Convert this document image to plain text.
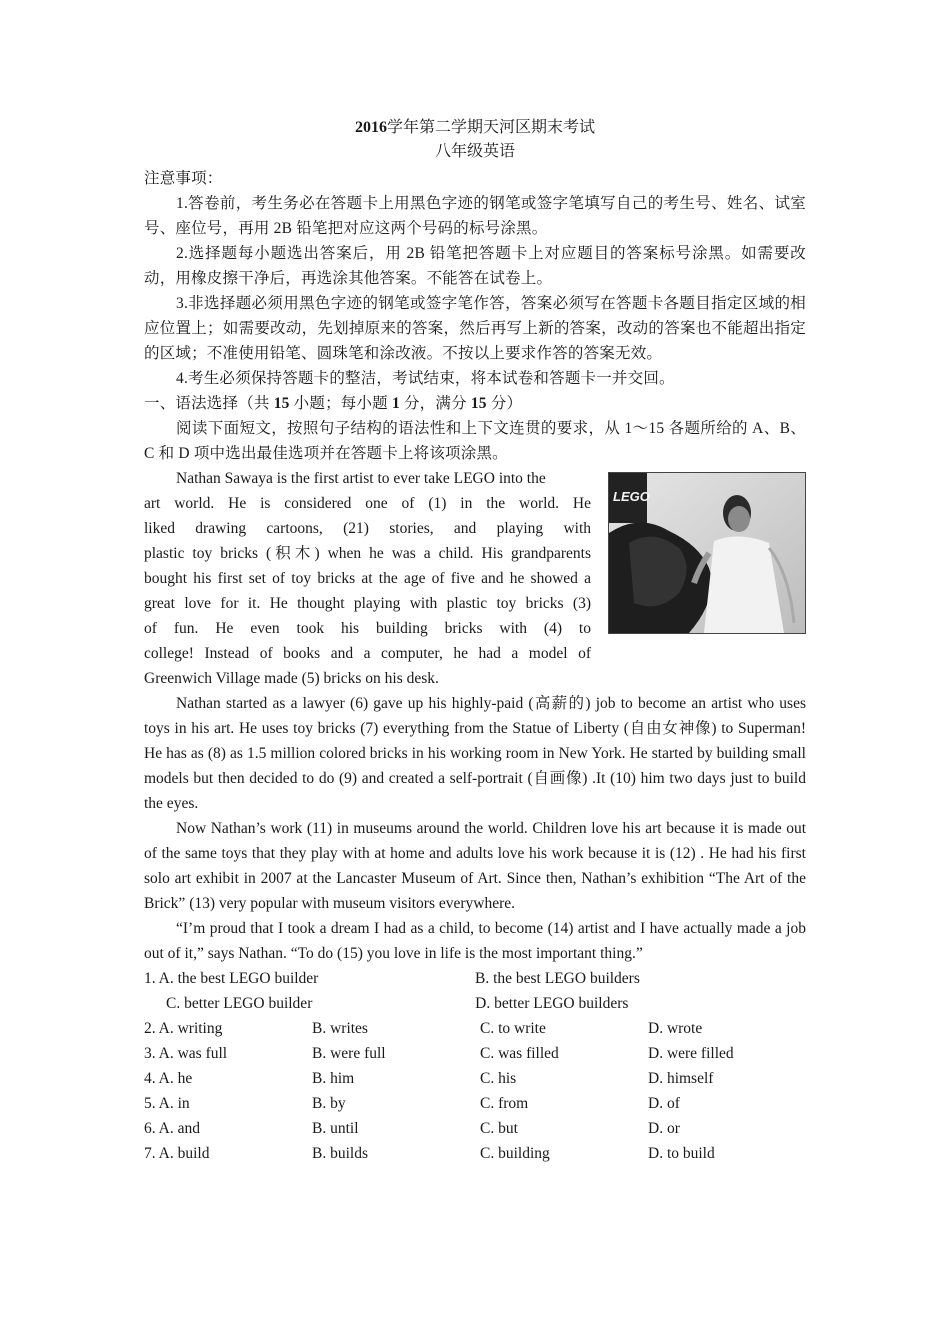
2016学年第二学期天河区期末考试
八年级英语
注意事项：
1.答卷前，考生务必在答题卡上用黑色字迹的钢笔或签字笔填写自己的考生号、姓名、试室号、座位号，再用 2B 铅笔把对应这两个号码的标号涂黑。
2.选择题每小题选出答案后，用 2B 铅笔把答题卡上对应题目的答案标号涂黑。如需要改动，用橡皮擦干净后，再选涂其他答案。不能答在试卷上。
3.非选择题必须用黑色字迹的钢笔或签字笔作答，答案必须写在答题卡各题目指定区域的相应位置上；如需要改动，先划掉原来的答案，然后再写上新的答案，改动的答案也不能超出指定的区域；不准使用铅笔、圆珠笔和涂改液。不按以上要求作答的答案无效。
4.考生必须保持答题卡的整洁，考试结束，将本试卷和答题卡一并交回。
一、语法选择（共 15 小题；每小题 1 分，满分 15 分）
阅读下面短文，按照句子结构的语法性和上下文连贯的要求，从 1～15 各题所给的 A、B、C 和 D 项中选出最佳选项并在答题卡上将该项涂黑。
LEGO
Nathan Sawaya is the first artist to ever take LEGO into the
art world. He is considered one of (1) in the world. He
liked drawing cartoons, (21) stories, and playing with
plastic toy bricks (积木) when he was a child. His grandparents
bought his first set of toy bricks at the age of five and he showed a
great love for it. He thought playing with plastic toy bricks (3)
of fun. He even took his building bricks with (4) to
college! Instead of books and a computer, he had a model of
Greenwich Village made (5) bricks on his desk.
Nathan started as a lawyer (6) gave up his highly-paid (高薪的) job to become an artist who uses toys in his art. He uses toy bricks (7) everything from the Statue of Liberty (自由女神像) to Superman! He has as (8) as 1.5 million colored bricks in his working room in New York. He started by building small models but then decided to do (9) and created a self-portrait (自画像) .It (10) him two days just to build the eyes.
Now Nathan’s work (11) in museums around the world. Children love his art because it is made out of the same toys that they play with at home and adults love his work because it is (12) . He had his first solo art exhibit in 2007 at the Lancaster Museum of Art. Since then, Nathan’s exhibition “The Art of the Brick” (13) very popular with museum visitors everywhere.
“I’m proud that I took a dream I had as a child, to become (14) artist and I have actually made a job out of it,” says Nathan. “To do (15) you love in life is the most important thing.”
1. A. the best LEGO builder	B. the best LEGO builders
C. better LEGO builder	D. better LEGO builders
2. A. writing	B. writes	C. to write	D. wrote
3. A. was full	B. were full	C. was filled	D. were filled
4. A. he	B. him	C. his	D. himself
5. A. in	B. by	C. from	D. of
6. A. and	B. until	C. but	D. or
7. A. build	B. builds	C. building	D. to build
